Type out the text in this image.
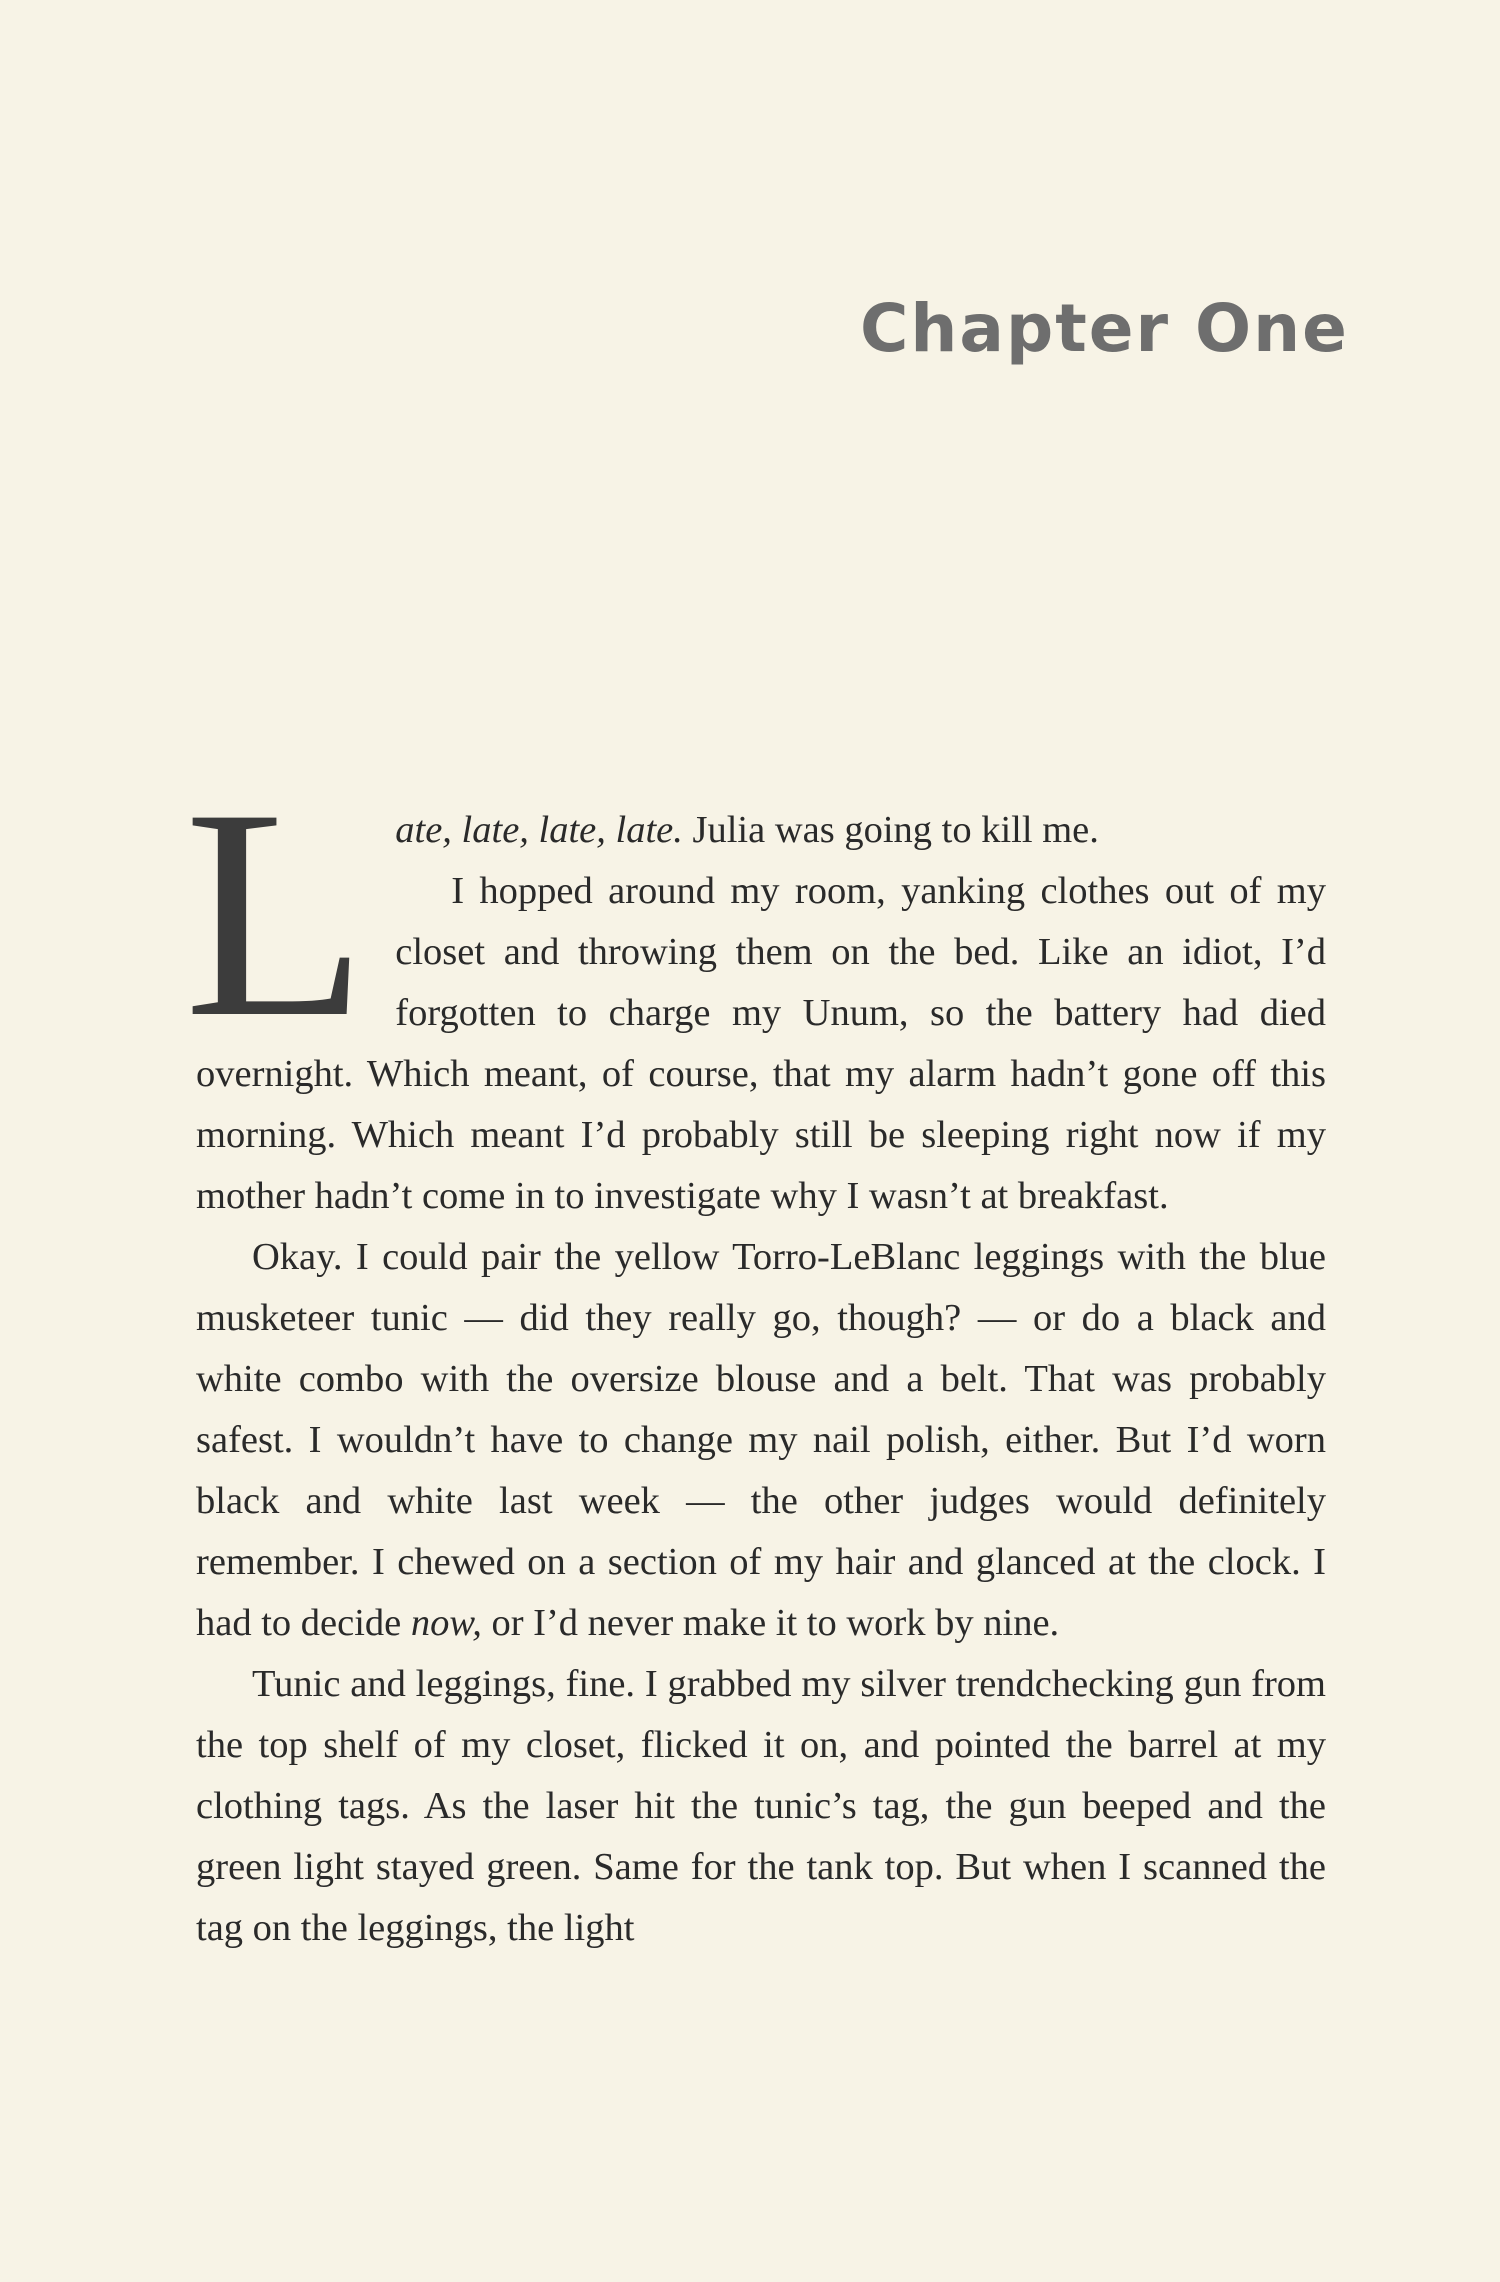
Chapter One

Late, late, late, late. Julia was going to kill me.

I hopped around my room, yanking clothes out of my closet and throwing them on the bed. Like an idiot, I’d forgotten to charge my Unum, so the battery had died overnight. Which meant, of course, that my alarm hadn’t gone off this morning. Which meant I’d probably still be sleeping right now if my mother hadn’t come in to investigate why I wasn’t at breakfast.

Okay. I could pair the yellow Torro-LeBlanc leggings with the blue musketeer tunic — did they really go, though? — or do a black and white combo with the oversize blouse and a belt. That was probably safest. I wouldn’t have to change my nail polish, either. But I’d worn black and white last week — the other judges would definitely remember. I chewed on a section of my hair and glanced at the clock. I had to decide now, or I’d never make it to work by nine.

Tunic and leggings, fine. I grabbed my silver trendchecking gun from the top shelf of my closet, flicked it on, and pointed the barrel at my clothing tags. As the laser hit the tunic’s tag, the gun beeped and the green light stayed green. Same for the tank top. But when I scanned the tag on the leggings, the light
